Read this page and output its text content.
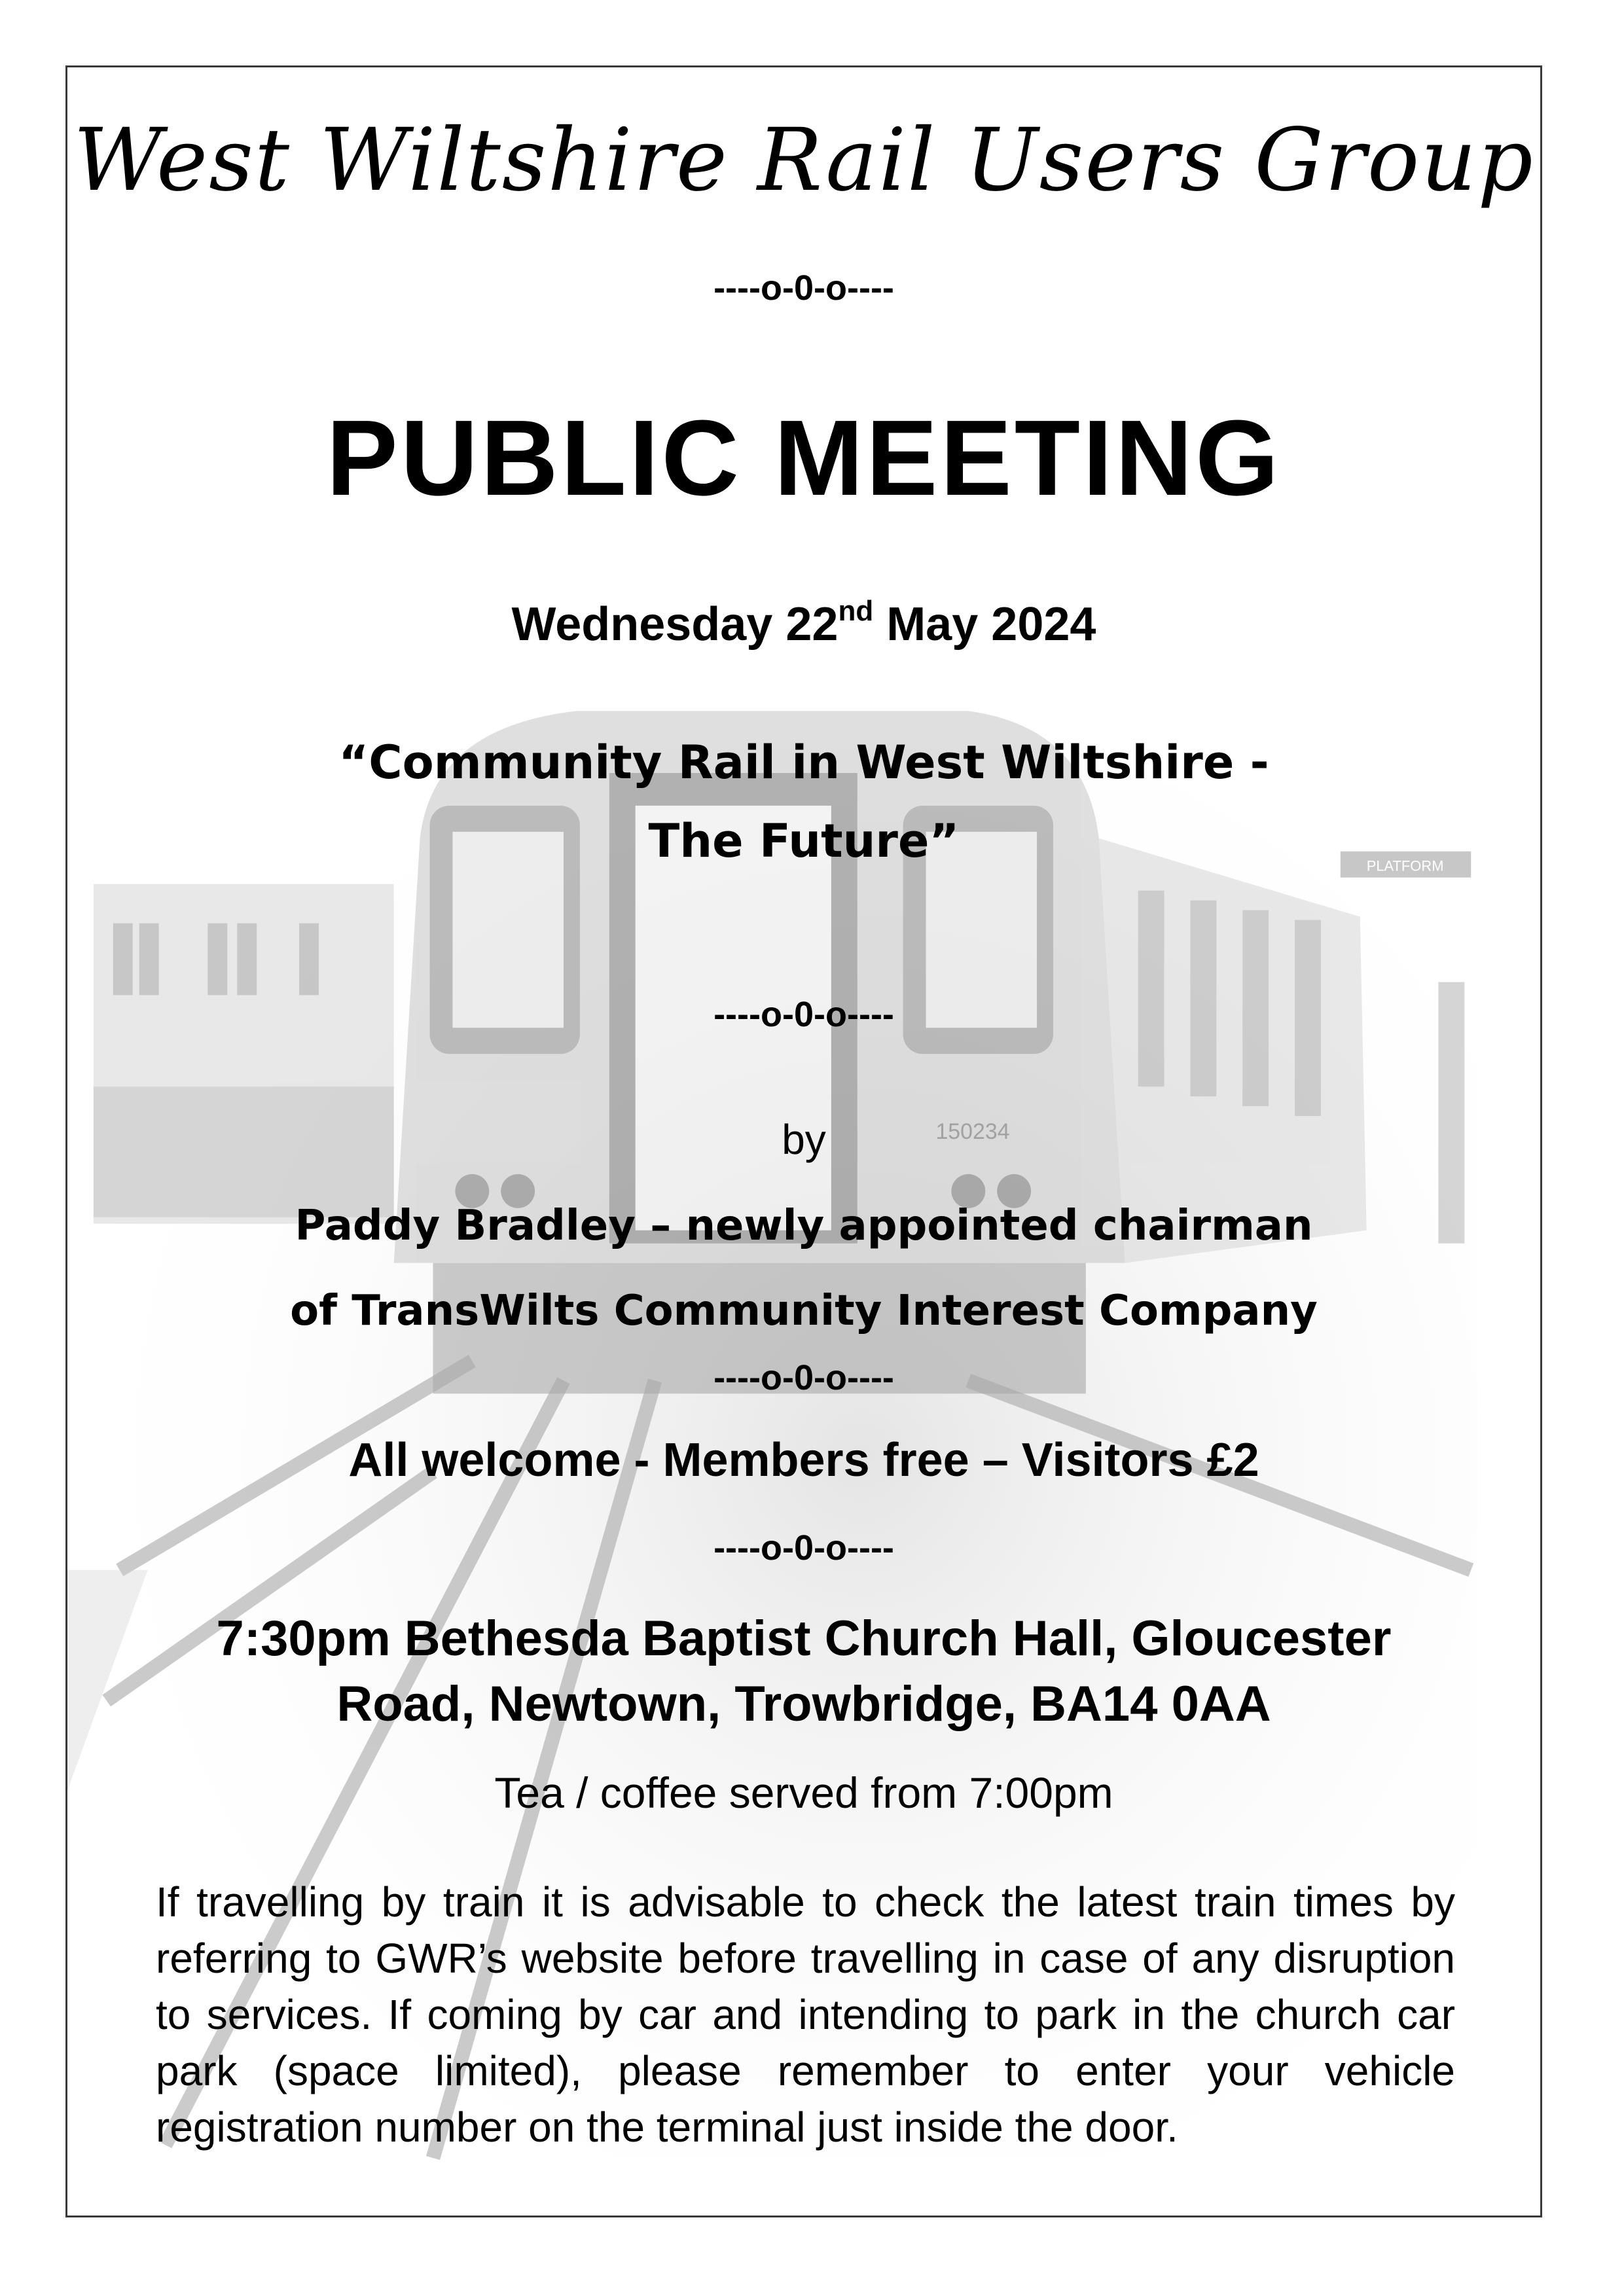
150234
PLATFORM
West Wiltshire Rail Users Group
----o-0-o----
PUBLIC MEETING
Wednesday 22nd May 2024
“Community Rail in West Wiltshire -
The Future”
----o-0-o----
by
Paddy Bradley – newly appointed chairman
of TransWilts Community Interest Company
----o-0-o----
All welcome - Members free – Visitors £2
----o-0-o----
7:30pm Bethesda Baptist Church Hall, Gloucester
Road, Newtown, Trowbridge, BA14 0AA
Tea / coffee served from 7:00pm
If travelling by train it is advisable to check the latest train times by referring to GWR’s website before travelling in case of any disruption to services. If coming by car and intending to park in the church car park (space limited), please remember to enter your vehicle registration number on the terminal just inside the door.
